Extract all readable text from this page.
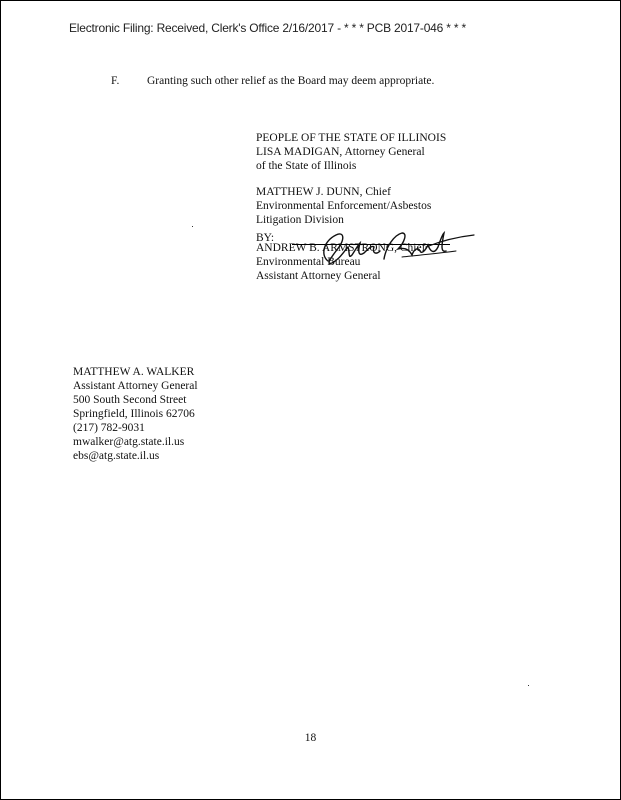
Electronic Filing: Received, Clerk's Office 2/16/2017 - * * * PCB 2017-046 * * *
F. Granting such other relief as the Board may deem appropriate.
PEOPLE OF THE STATE OF ILLINOIS
LISA MADIGAN, Attorney General
of the State of Illinois
MATTHEW J. DUNN, Chief
Environmental Enforcement/Asbestos
Litigation Division
BY:
ANDREW B. ARMSTRONG, Chief
Environmental Bureau
Assistant Attorney General
MATTHEW A. WALKER
Assistant Attorney General
500 South Second Street
Springfield, Illinois 62706
(217) 782-9031
mwalker@atg.state.il.us
ebs@atg.state.il.us
18
